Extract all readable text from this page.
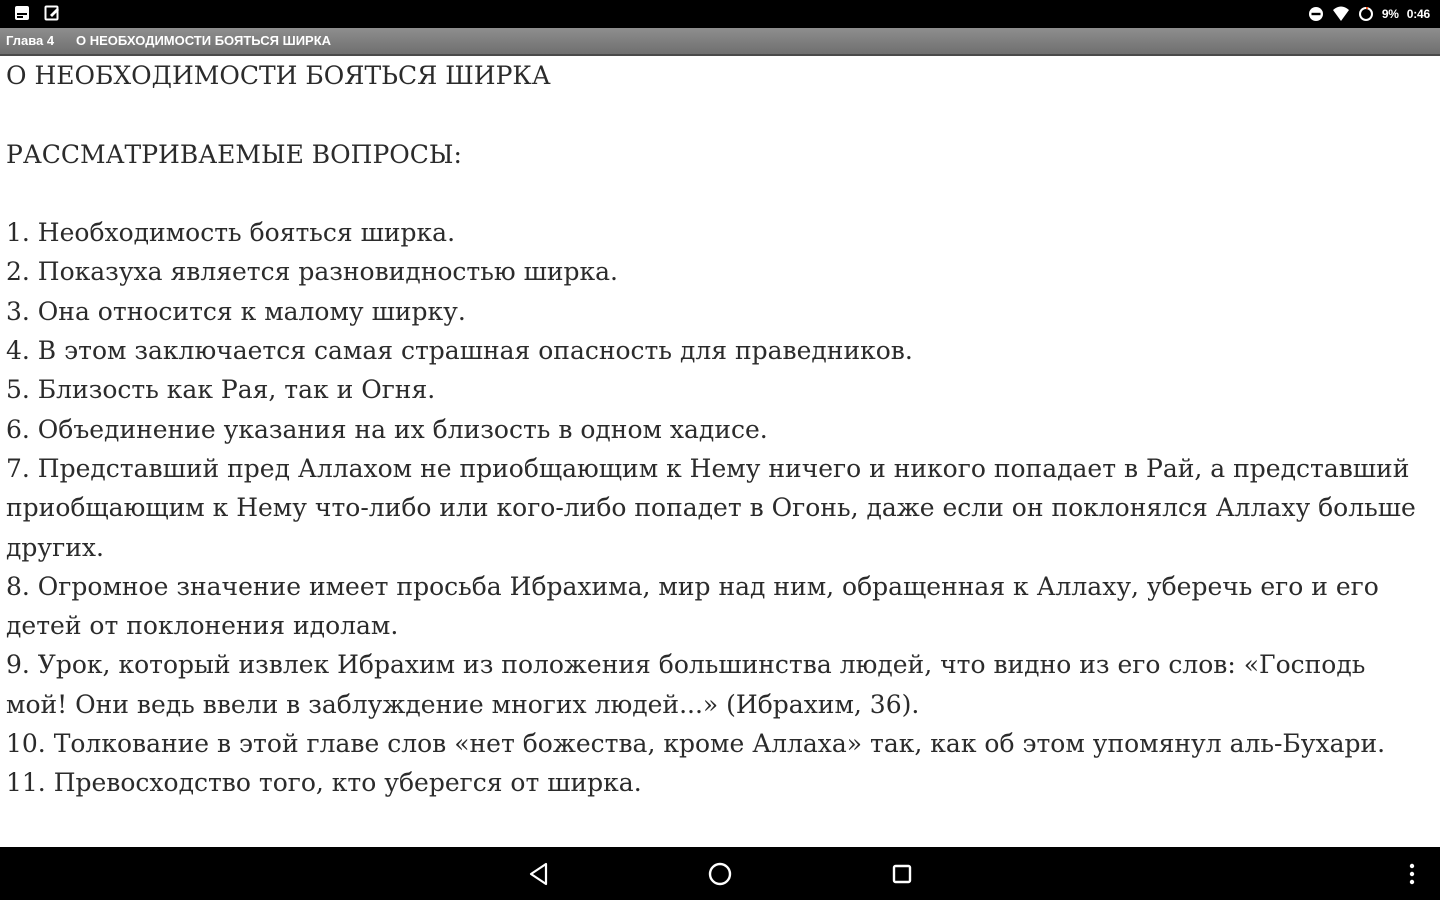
9% 0:46
Глава 4 О НЕОБХОДИМОСТИ БОЯТЬСЯ ШИРКА

О НЕОБХОДИМОСТИ БОЯТЬСЯ ШИРКА

РАССМАТРИВАЕМЫЕ ВОПРОСЫ:

1. Необходимость бояться ширка.

2. Показуха является разновидностью ширка.

3. Она относится к малому ширку.

4. В этом заключается самая страшная опасность для праведников.

5. Близость как Рая, так и Огня.

6. Объединение указания на их близость в одном хадисе.

7. Представший пред Аллахом не приобщающим к Нему ничего и никого попадает в Рай, а представший приобщающим к Нему что-либо или кого-либо попадет в Огонь, даже если он поклонялся Аллаху больше других.

8. Огромное значение имеет просьба Ибрахима, мир над ним, обращенная к Аллаху, уберечь его и его детей от поклонения идолам.

9. Урок, который извлек Ибрахим из положения большинства людей, что видно из его слов: «Господь мой! Они ведь ввели в заблуждение многих людей...» (Ибрахим, 36).

10. Толкование в этой главе слов «нет божества, кроме Аллаха» так, как об этом упомянул аль-Бухари.

11. Превосходство того, кто уберегся от ширка.
